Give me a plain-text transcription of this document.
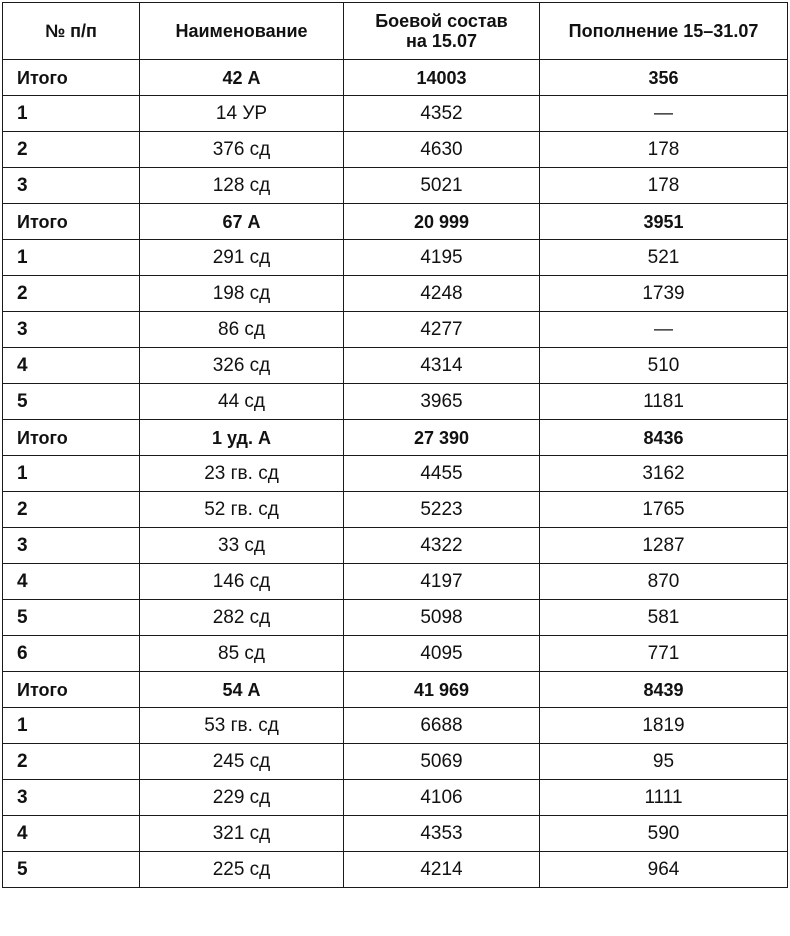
№ п/п	Наименование	Боевой состав
на 15.07	Пополнение 15–31.07
Итого	42 А	14003	356
1	14 УР	4352	—
2	376 сд	4630	178
3	128 сд	5021	178
Итого	67 А	20 999	3951
1	291 сд	4195	521
2	198 сд	4248	1739
3	86 сд	4277	—
4	326 сд	4314	510
5	44 сд	3965	1181
Итого	1 уд. А	27 390	8436
1	23 гв. сд	4455	3162
2	52 гв. сд	5223	1765
3	33 сд	4322	1287
4	146 сд	4197	870
5	282 сд	5098	581
6	85 сд	4095	771
Итого	54 А	41 969	8439
1	53 гв. сд	6688	1819
2	245 сд	5069	95
3	229 сд	4106	1111
4	321 сд	4353	590
5	225 сд	4214	964
